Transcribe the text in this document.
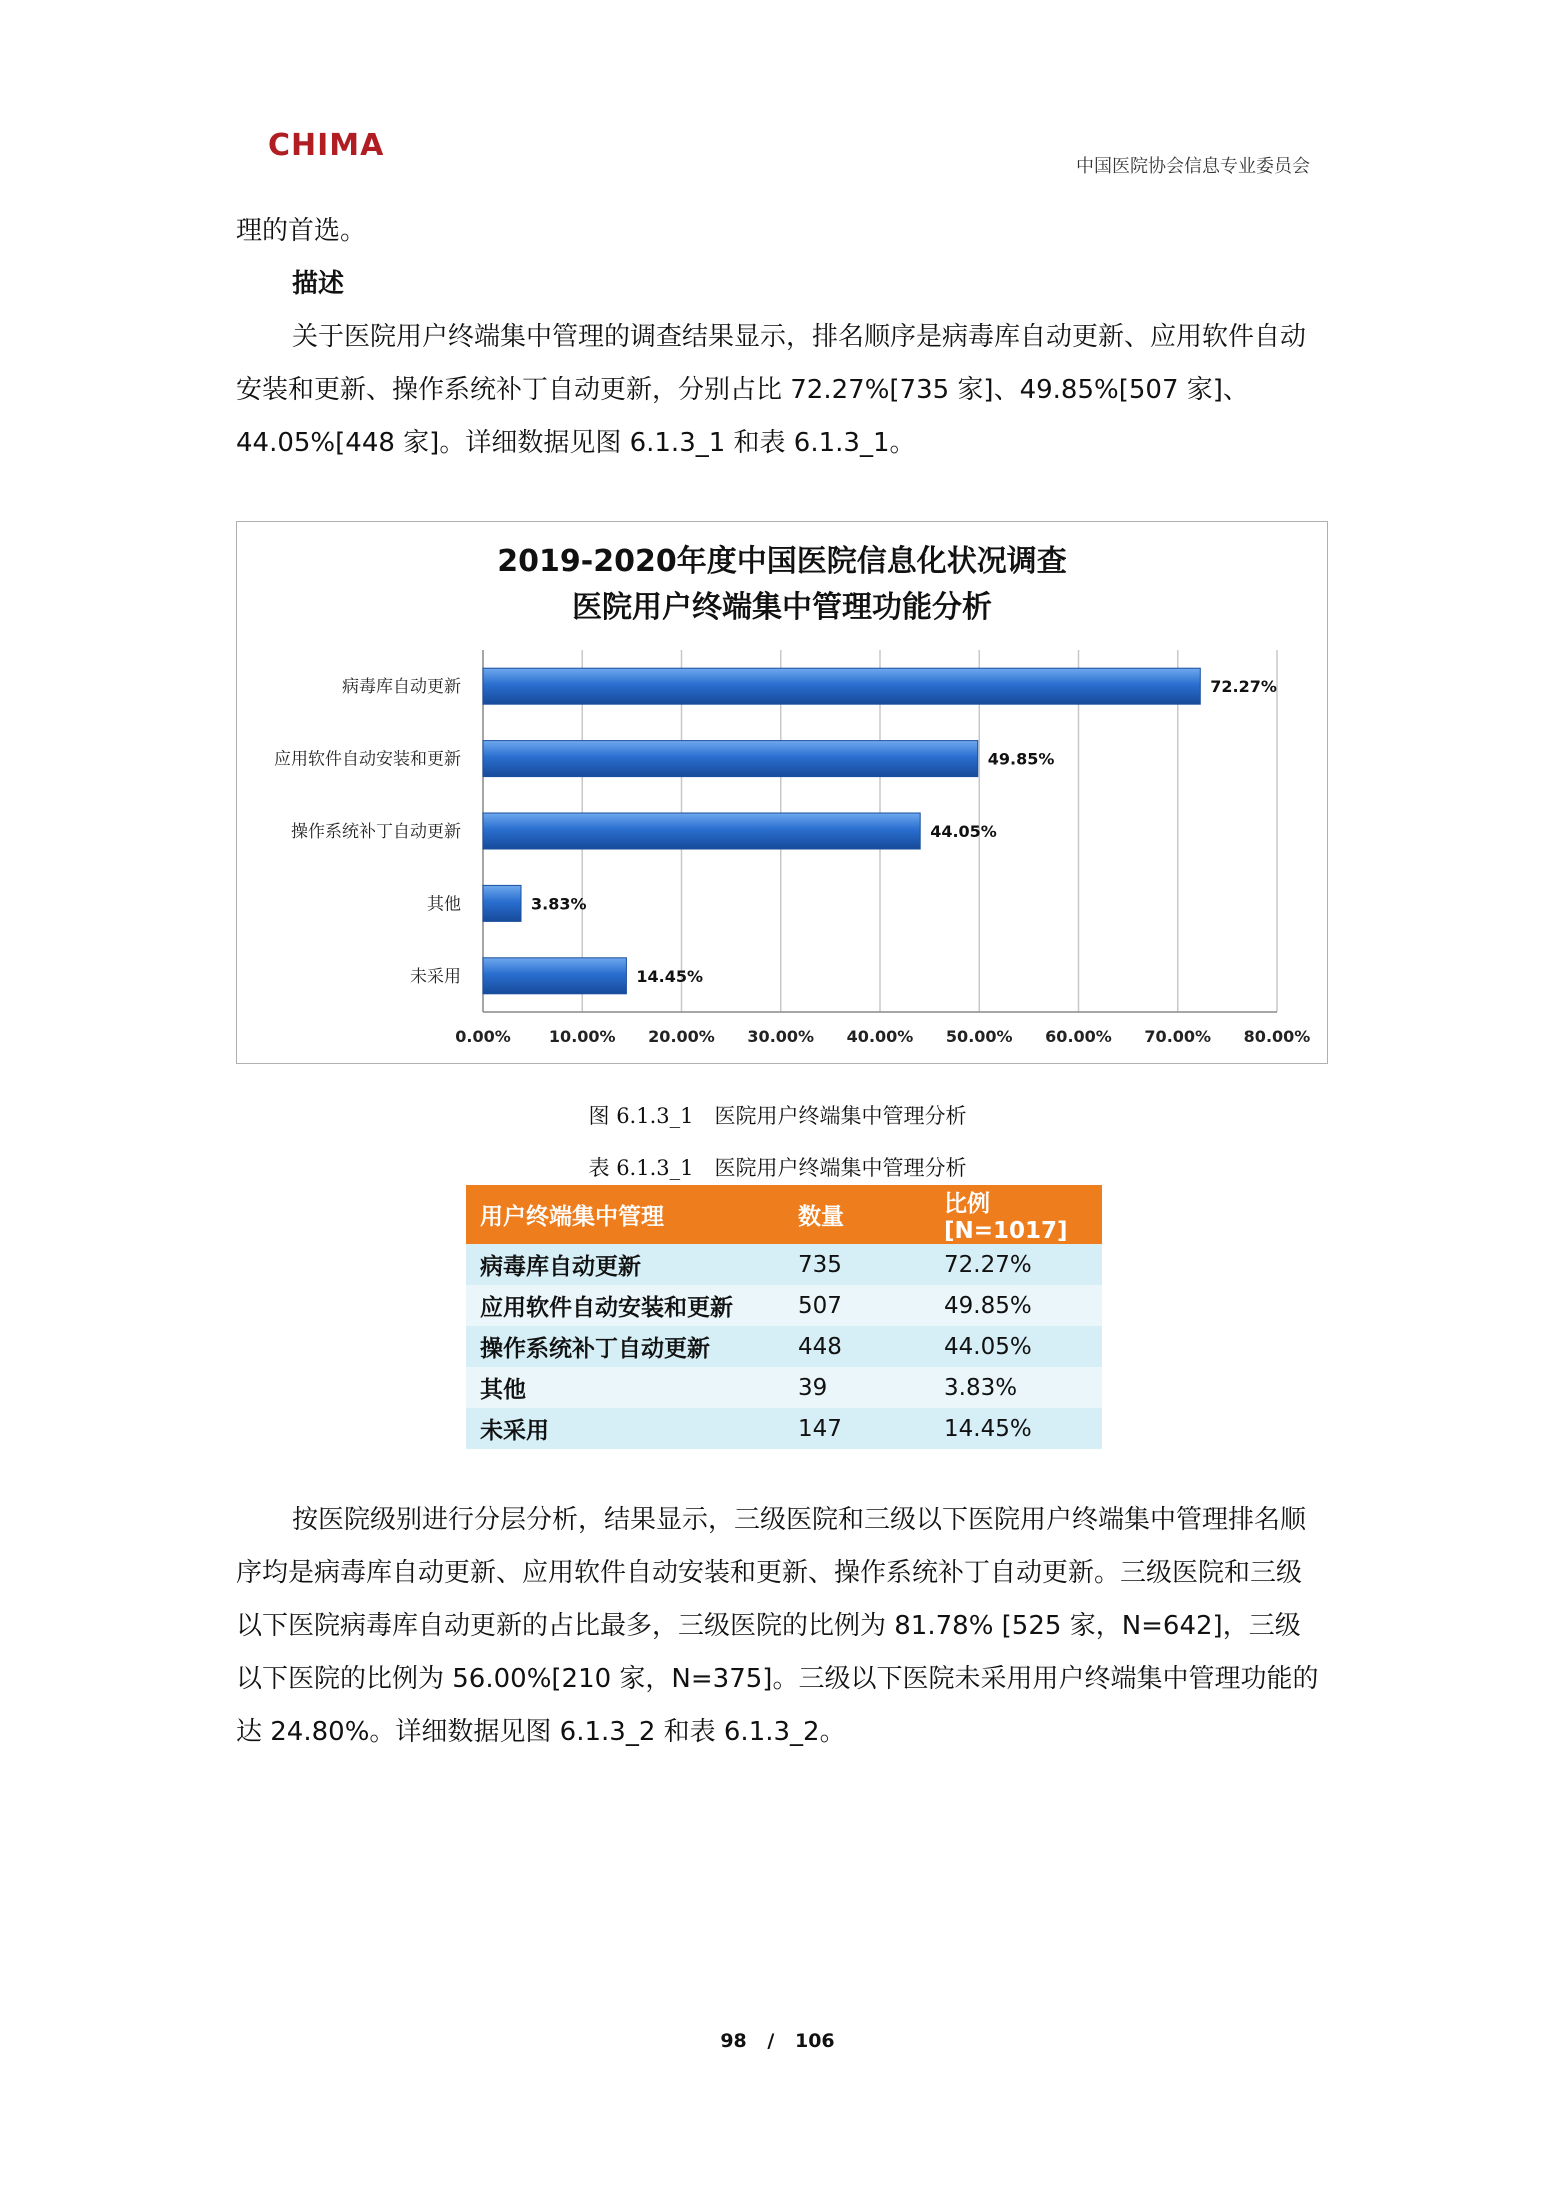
CHIMA
中国医院协会信息专业委员会

理的首选。

描述

关于医院用户终端集中管理的调查结果显示，排名顺序是病毒库自动更新、应用软件自动安装和更新、操作系统补丁自动更新，分别占比 72.27%[735 家]、49.85%[507 家]、44.05%[448 家]。详细数据见图 6.1.3_1 和表 6.1.3_1。

2019-2020年度中国医院信息化状况调查
医院用户终端集中管理功能分析
0.00% 10.00% 20.00% 30.00% 40.00% 50.00% 60.00% 70.00% 80.00%
病毒库自动更新	72.27%
应用软件自动安装和更新	49.85%
操作系统补丁自动更新	44.05%
其他	3.83%
未采用	14.45%
图 6.1.3_1　医院用户终端集中管理分析
表 6.1.3_1　医院用户终端集中管理分析
用户终端集中管理	数量	比例[N=1017]
病毒库自动更新	735	72.27%
应用软件自动安装和更新	507	49.85%
操作系统补丁自动更新	448	44.05%
其他	39	3.83%
未采用	147	14.45%

按医院级别进行分层分析，结果显示，三级医院和三级以下医院用户终端集中管理排名顺序均是病毒库自动更新、应用软件自动安装和更新、操作系统补丁自动更新。三级医院和三级以下医院病毒库自动更新的占比最多，三级医院的比例为 81.78% [525 家，N=642]，三级以下医院的比例为 56.00%[210 家，N=375]。三级以下医院未采用用户终端集中管理功能的达 24.80%。详细数据见图 6.1.3_2 和表 6.1.3_2。

98 / 106
